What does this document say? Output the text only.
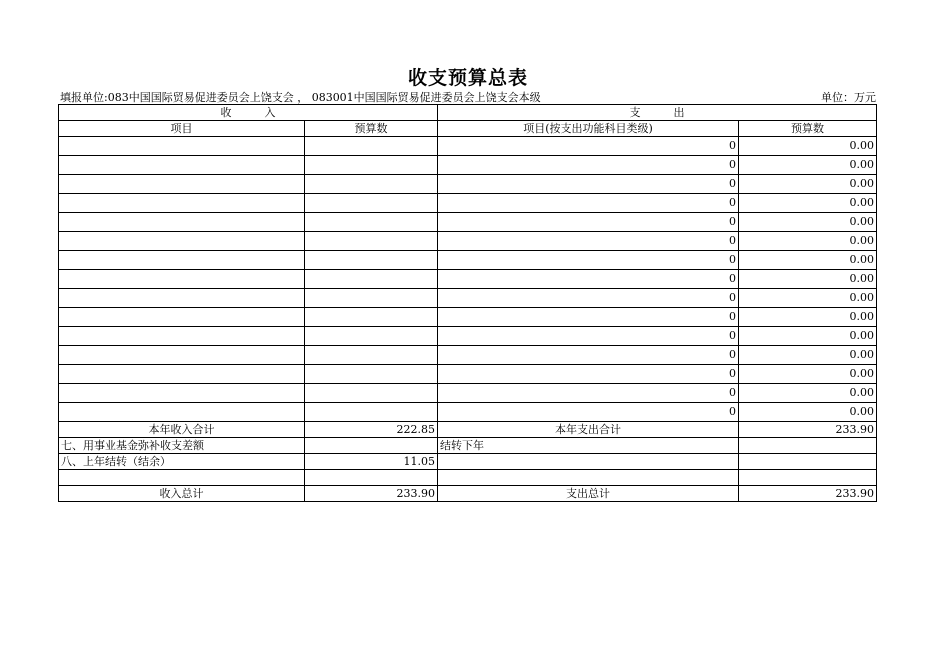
收支预算总表
填报单位:083中国国际贸易促进委员会上饶支会 ， 083001中国国际贸易促进委员会上饶支会本级	单位：万元
收　　　入		支　　　出	
项目	预算数	项目(按支出功能科目类级)	预算数
		0	0.00
		0	0.00
		0	0.00
		0	0.00
		0	0.00
		0	0.00
		0	0.00
		0	0.00
		0	0.00
		0	0.00
		0	0.00
		0	0.00
		0	0.00
		0	0.00
		0	0.00
本年收入合计	222.85	本年支出合计	233.90
七、用事业基金弥补收支差额		结转下年	
八、上年结转（结余）	11.05		

收入总计	233.90	支出总计	233.90
